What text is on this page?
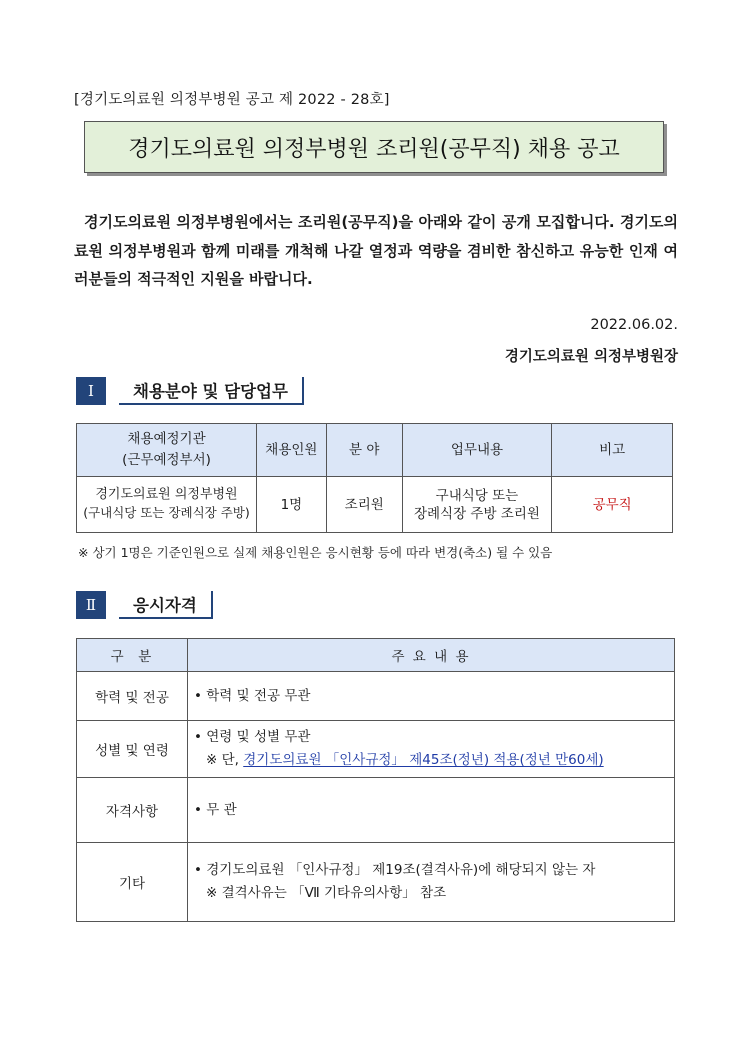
[경기도의료원 의정부병원 공고 제 2022 - 28호]
경기도의료원 의정부병원 조리원(공무직) 채용 공고
경기도의료원 의정부병원에서는 조리원(공무직)을 아래와 같이 공개 모집합니다. 경기도의료원 의정부병원과 함께 미래를 개척해 나갈 열정과 역량을 겸비한 참신하고 유능한 인재 여러분들의 적극적인 지원을 바랍니다.
2022.06.02.
경기도의료원 의정부병원장
Ⅰ	채용분야 및 담당업무
채용예정기관
(근무예정부서)	채용인원	분 야	업무내용	비고
경기도의료원 의정부병원
(구내식당 또는 장례식장 주방)	1명	조리원	구내식당 또는
장례식장 주방 조리원	공무직
※ 상기 1명은 기준인원으로 실제 채용인원은 응시현황 등에 따라 변경(축소) 될 수 있음
Ⅱ	응시자격
구  분	주 요 내 용
학력 및 전공	• 학력 및 전공 무관
성별 및 연령	• 연령 및 성별 무관
※ 단, 경기도의료원 「인사규정」 제45조(정년) 적용(정년 만60세)
자격사항	• 무 관
기타	• 경기도의료원 「인사규정」 제19조(결격사유)에 해당되지 않는 자
※ 결격사유는 「Ⅶ 기타유의사항」 참조
